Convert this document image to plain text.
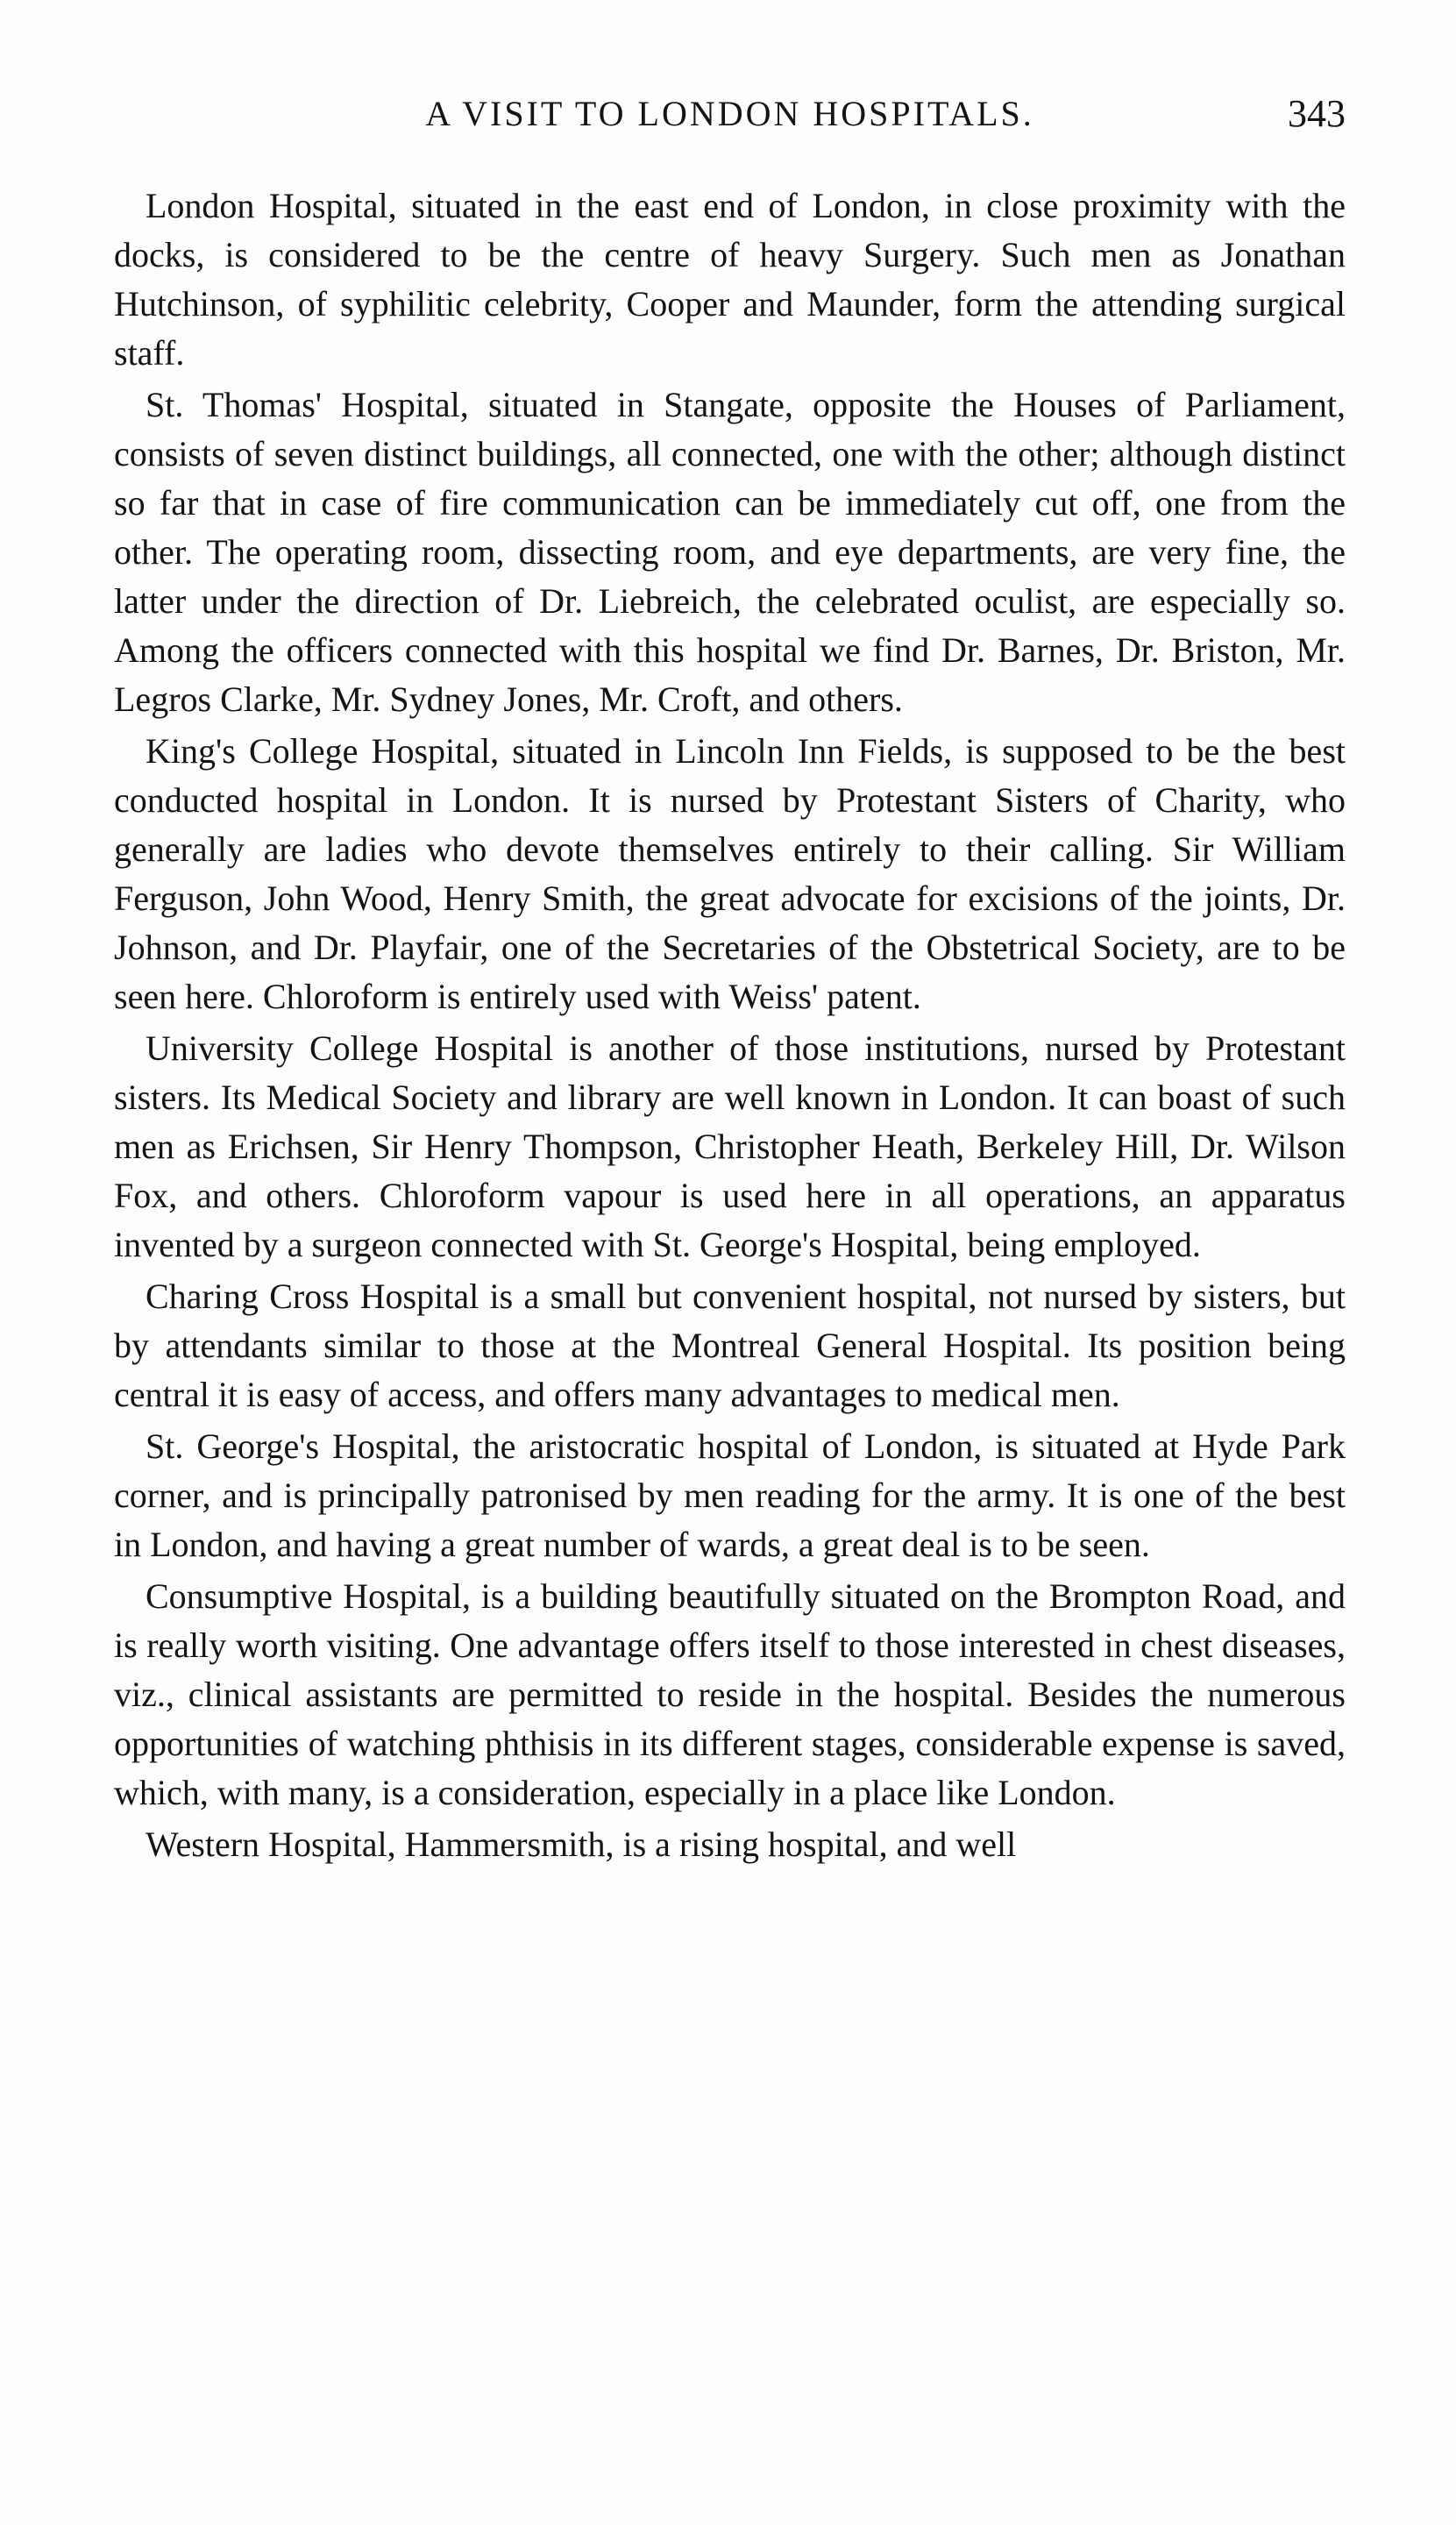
A VISIT TO LONDON HOSPITALS.	343

London Hospital, situated in the east end of London, in close proximity with the docks, is considered to be the centre of heavy Surgery. Such men as Jonathan Hutchinson, of syphilitic celebrity, Cooper and Maunder, form the attending surgical staff.

St. Thomas' Hospital, situated in Stangate, opposite the Houses of Parliament, consists of seven distinct buildings, all connected, one with the other; although distinct so far that in case of fire communication can be immediately cut off, one from the other. The operating room, dissecting room, and eye departments, are very fine, the latter under the direction of Dr. Liebreich, the celebrated oculist, are especially so. Among the officers connected with this hospital we find Dr. Barnes, Dr. Briston, Mr. Legros Clarke, Mr. Sydney Jones, Mr. Croft, and others.

King's College Hospital, situated in Lincoln Inn Fields, is supposed to be the best conducted hospital in London. It is nursed by Protestant Sisters of Charity, who generally are ladies who devote themselves entirely to their calling. Sir William Ferguson, John Wood, Henry Smith, the great advocate for excisions of the joints, Dr. Johnson, and Dr. Playfair, one of the Secretaries of the Obstetrical Society, are to be seen here. Chloroform is entirely used with Weiss' patent.

University College Hospital is another of those institutions, nursed by Protestant sisters. Its Medical Society and library are well known in London. It can boast of such men as Erichsen, Sir Henry Thompson, Christopher Heath, Berkeley Hill, Dr. Wilson Fox, and others. Chloroform vapour is used here in all operations, an apparatus invented by a surgeon connected with St. George's Hospital, being employed.

Charing Cross Hospital is a small but convenient hospital, not nursed by sisters, but by attendants similar to those at the Montreal General Hospital. Its position being central it is easy of access, and offers many advantages to medical men.

St. George's Hospital, the aristocratic hospital of London, is situated at Hyde Park corner, and is principally patronised by men reading for the army. It is one of the best in London, and having a great number of wards, a great deal is to be seen.

Consumptive Hospital, is a building beautifully situated on the Brompton Road, and is really worth visiting. One advantage offers itself to those interested in chest diseases, viz., clinical assistants are permitted to reside in the hospital. Besides the numerous opportunities of watching phthisis in its different stages, considerable expense is saved, which, with many, is a consideration, especially in a place like London.

Western Hospital, Hammersmith, is a rising hospital, and well
